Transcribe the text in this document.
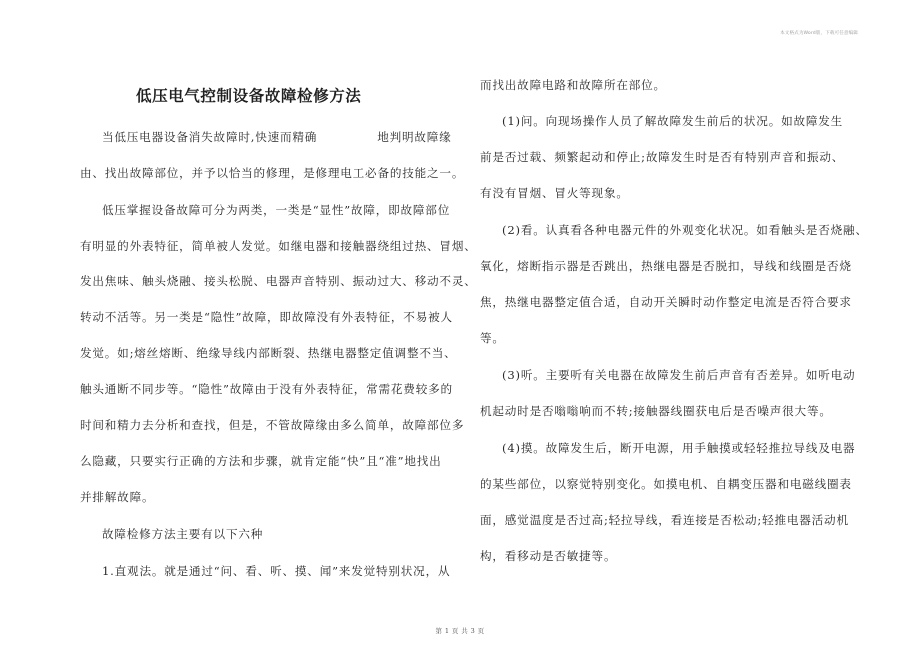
本文格式为Word版，下载可任意编辑
低压电气控制设备故障检修方法
当低压电器设备消失故障时,快速而精确	地判明故障缘
由、找出故障部位，并予以恰当的修理，是修理电工必备的技能之一。
低压掌握设备故障可分为两类，一类是“显性”故障，即故障部位
有明显的外表特征，简单被人发觉。如继电器和接触器绕组过热、冒烟、
发出焦味、触头烧融、接头松脱、电器声音特别、振动过大、移动不灵、
转动不活等。另一类是“隐性”故障，即故障没有外表特征，不易被人
发觉。如;熔丝熔断、绝缘导线内部断裂、热继电器整定值调整不当、
触头通断不同步等。“隐性”故障由于没有外表特征，常需花费较多的
时间和精力去分析和查找，但是，不管故障缘由多么简单，故障部位多
么隐藏，只要实行正确的方法和步骤，就肯定能“快”且“准”地找出
并排解故障。
故障检修方法主要有以下六种
1.直观法。就是通过“问、看、听、摸、闻”来发觉特别状况，从
而找出故障电路和故障所在部位。
(1)问。向现场操作人员了解故障发生前后的状况。如故障发生
前是否过载、频繁起动和停止;故障发生时是否有特别声音和振动、
有没有冒烟、冒火等现象。
(2)看。认真看各种电器元件的外观变化状况。如看触头是否烧融、
氧化，熔断指示器是否跳出，热继电器是否脱扣，导线和线圈是否烧
焦，热继电器整定值合适，自动开关瞬时动作整定电流是否符合要求
等。
(3)听。主要听有关电器在故障发生前后声音有否差异。如听电动
机起动时是否嗡嗡响而不转;接触器线圈获电后是否噪声很大等。
(4)摸。故障发生后，断开电源，用手触摸或轻轻推拉导线及电器
的某些部位，以察觉特别变化。如摸电机、自耦变压器和电磁线圈表
面，感觉温度是否过高;轻拉导线，看连接是否松动;轻推电器活动机
构，看移动是否敏捷等。
第 1 页 共 3 页
